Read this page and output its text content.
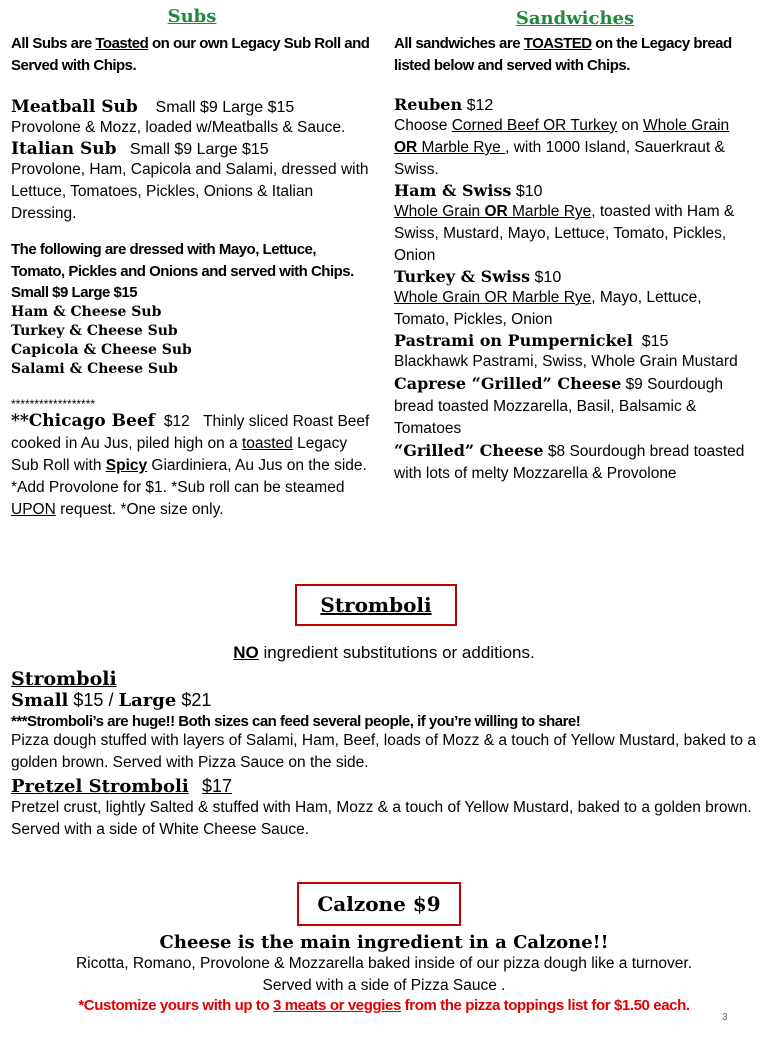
Subs
All Subs are Toasted on our own Legacy Sub Roll and Served with Chips.
Meatball Sub Small $9 Large $15
Provolone & Mozz, loaded w/Meatballs & Sauce.
Italian Sub Small $9 Large $15
Provolone, Ham, Capicola and Salami, dressed with Lettuce, Tomatoes, Pickles, Onions & Italian Dressing.
The following are dressed with Mayo, Lettuce, Tomato, Pickles and Onions and served with Chips.
Small $9 Large $15
Ham & Cheese Sub
Turkey & Cheese Sub
Capicola & Cheese Sub
Salami & Cheese Sub
******************
**Chicago Beef $12 Thinly sliced Roast Beef cooked in Au Jus, piled high on a toasted Legacy Sub Roll with Spicy Giardiniera, Au Jus on the side. *Add Provolone for $1. *Sub roll can be steamed UPON request. *One size only.
Sandwiches
All sandwiches are TOASTED on the Legacy bread listed below and served with Chips.
Reuben $12
Choose Corned Beef OR Turkey on Whole Grain OR Marble Rye , with 1000 Island, Sauerkraut & Swiss.
Ham & Swiss $10
Whole Grain OR Marble Rye, toasted with Ham & Swiss, Mustard, Mayo, Lettuce, Tomato, Pickles, Onion
Turkey & Swiss $10
Whole Grain OR Marble Rye, Mayo, Lettuce, Tomato, Pickles, Onion
Pastrami on Pumpernickel $15
Blackhawk Pastrami, Swiss, Whole Grain Mustard
Caprese “Grilled” Cheese $9 Sourdough bread toasted Mozzarella, Basil, Balsamic & Tomatoes
“Grilled” Cheese $8 Sourdough bread toasted with lots of melty Mozzarella & Provolone
Stromboli
NO ingredient substitutions or additions.
Stromboli
Small $15 / Large $21
***Stromboli’s are huge!! Both sizes can feed several people, if you’re willing to share!
Pizza dough stuffed with layers of Salami, Ham, Beef, loads of Mozz & a touch of Yellow Mustard, baked to a golden brown. Served with Pizza Sauce on the side.
Pretzel Stromboli $17
Pretzel crust, lightly Salted & stuffed with Ham, Mozz & a touch of Yellow Mustard, baked to a golden brown. Served with a side of White Cheese Sauce.
Calzone $9
Cheese is the main ingredient in a Calzone!!
Ricotta, Romano, Provolone & Mozzarella baked inside of our pizza dough like a turnover.
Served with a side of Pizza Sauce .
*Customize yours with up to 3 meats or veggies from the pizza toppings list for $1.50 each.
3
